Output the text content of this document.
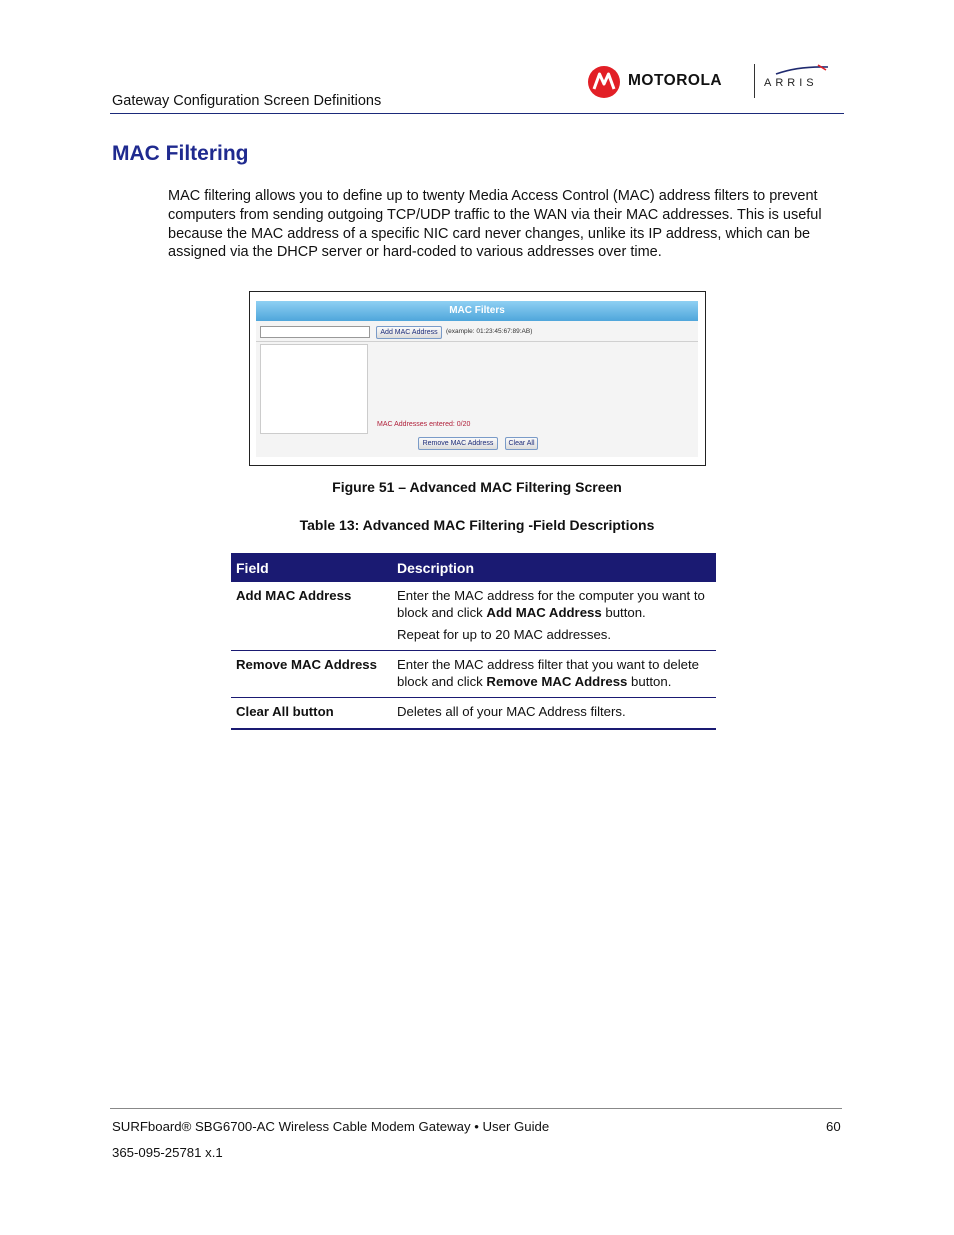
MOTOROLA	ARRIS
Gateway Configuration Screen Definitions
MAC Filtering
MAC filtering allows you to define up to twenty Media Access Control (MAC) address filters to prevent computers from sending outgoing TCP/UDP traffic to the WAN via their MAC addresses. This is useful because the MAC address of a specific NIC card never changes, unlike its IP address, which can be assigned via the DHCP server or hard-coded to various addresses over time.
MAC Filters
Add MAC Address	(example: 01:23:45:67:89:AB)
MAC Addresses entered: 0/20
Remove MAC Address	Clear All
Figure 51 – Advanced MAC Filtering Screen
Table 13: Advanced MAC Filtering -Field Descriptions
Field	Description
Add MAC Address	Enter the MAC address for the computer you want to block and click Add MAC Address button.
Repeat for up to 20 MAC addresses.

Remove MAC Address	Enter the MAC address filter that you want to delete block and click Remove MAC Address button.
Clear All button	Deletes all of your MAC Address filters.
SURFboard® SBG6700-AC Wireless Cable Modem Gateway • User Guide	60
365-095-25781 x.1
